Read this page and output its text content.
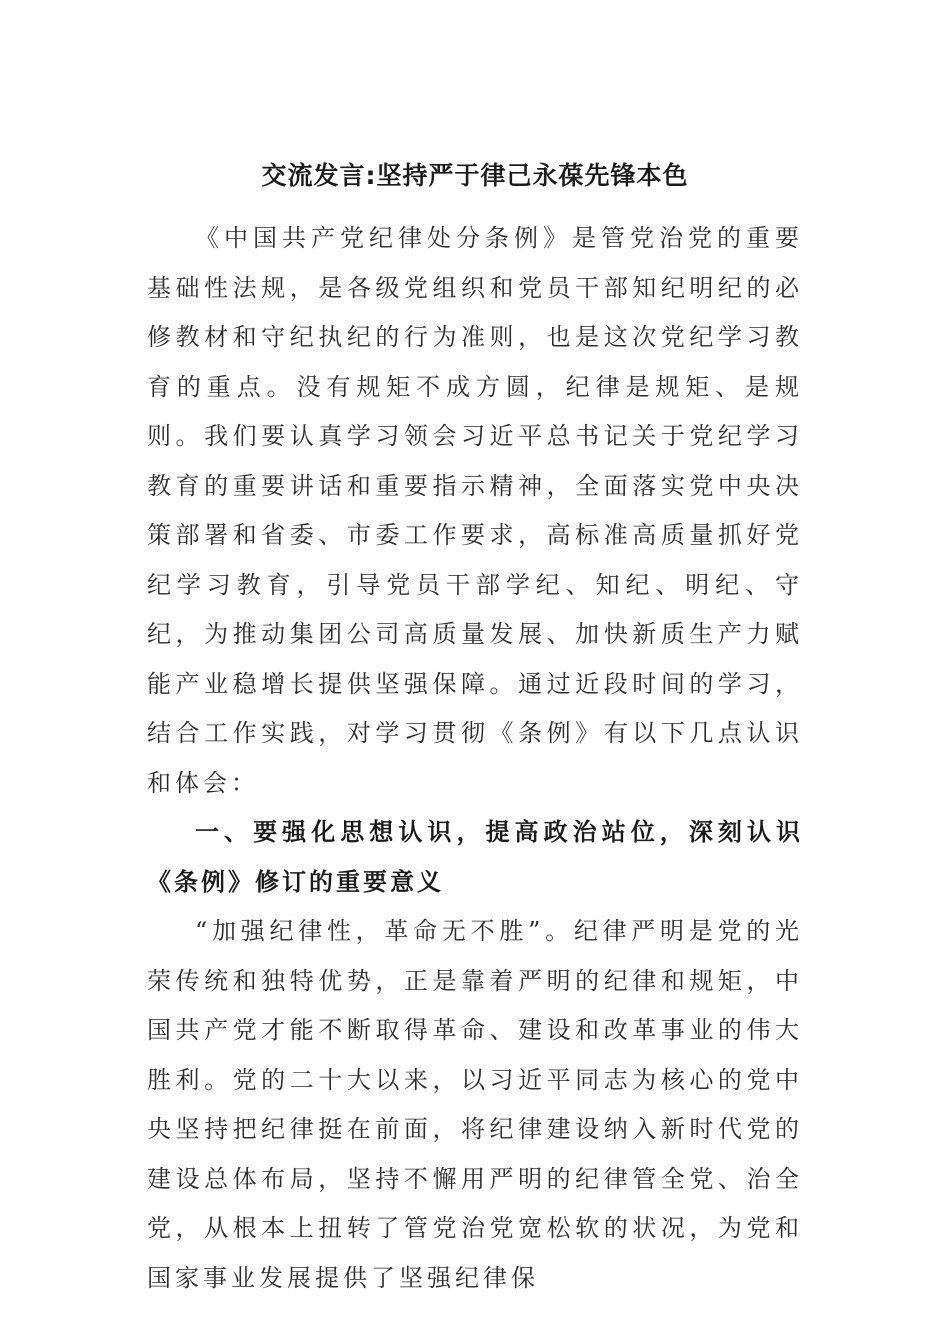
交流发言:坚持严于律己永葆先锋本色

《中国共产党纪律处分条例》是管党治党的重要基础性法规，是各级党组织和党员干部知纪明纪的必修教材和守纪执纪的行为准则，也是这次党纪学习教育的重点。没有规矩不成方圆，纪律是规矩、是规则。我们要认真学习领会习近平总书记关于党纪学习教育的重要讲话和重要指示精神，全面落实党中央决策部署和省委、市委工作要求，高标准高质量抓好党纪学习教育，引导党员干部学纪、知纪、明纪、守纪，为推动集团公司高质量发展、加快新质生产力赋能产业稳增长提供坚强保障。通过近段时间的学习，结合工作实践，对学习贯彻《条例》有以下几点认识和体会：

一、要强化思想认识，提高政治站位，深刻认识《条例》修订的重要意义

“加强纪律性，革命无不胜”。纪律严明是党的光荣传统和独特优势，正是靠着严明的纪律和规矩，中国共产党才能不断取得革命、建设和改革事业的伟大胜利。党的二十大以来，以习近平同志为核心的党中央坚持把纪律挺在前面，将纪律建设纳入新时代党的建设总体布局，坚持不懈用严明的纪律管全党、治全党，从根本上扭转了管党治党宽松软的状况，为党和国家事业发展提供了坚强纪律保
